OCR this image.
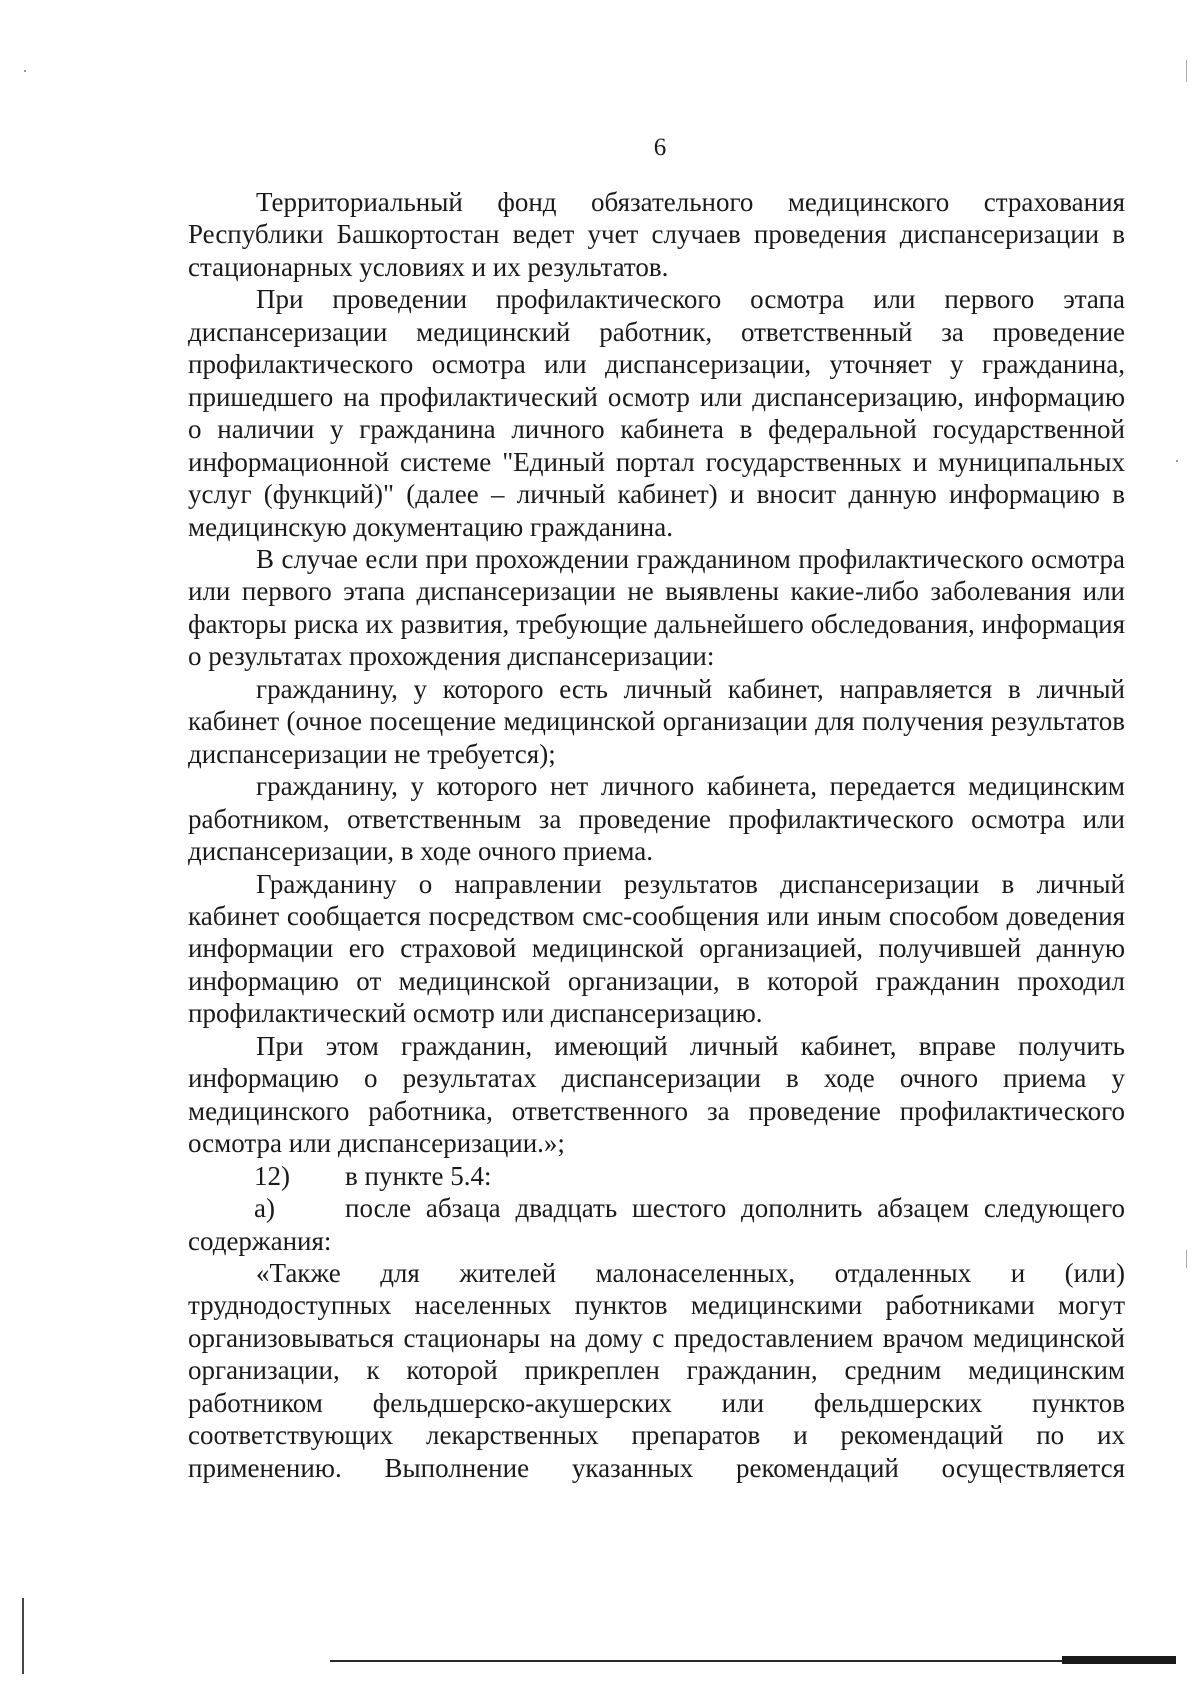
6

Территориальный фонд обязательного медицинского страхования Республики Башкортостан ведет учет случаев проведения диспансеризации в стационарных условиях и их результатов.

При проведении профилактического осмотра или первого этапа диспансеризации медицинский работник, ответственный за проведение профилактического осмотра или диспансеризации, уточняет у гражданина, пришедшего на профилактический осмотр или диспансеризацию, информацию о наличии у гражданина личного кабинета в федеральной государственной информационной системе "Единый портал государственных и муниципальных услуг (функций)" (далее – личный кабинет) и вносит данную информацию в медицинскую документацию гражданина.

В случае если при прохождении гражданином профилактического осмотра или первого этапа диспансеризации не выявлены какие-либо заболевания или факторы риска их развития, требующие дальнейшего обследования, информация о результатах прохождения диспансеризации:

гражданину, у которого есть личный кабинет, направляется в личный кабинет (очное посещение медицинской организации для получения результатов диспансеризации не требуется);

гражданину, у которого нет личного кабинета, передается медицинским работником, ответственным за проведение профилактического осмотра или диспансеризации, в ходе очного приема.

Гражданину о направлении результатов диспансеризации в личный кабинет сообщается посредством смс-сообщения или иным способом доведения информации его страховой медицинской организацией, получившей данную информацию от медицинской организации, в которой гражданин проходил профилактический осмотр или диспансеризацию.

При этом гражданин, имеющий личный кабинет, вправе получить информацию о результатах диспансеризации в ходе очного приема у медицинского работника, ответственного за проведение профилактического осмотра или диспансеризации.»;

12) в пункте 5.4:

а)	после абзаца двадцать шестого дополнить абзацем следующего содержания:

«Также для жителей малонаселенных, отдаленных и (или) труднодоступных населенных пунктов медицинскими работниками могут организовываться стационары на дому с предоставлением врачом медицинской организации, к которой прикреплен гражданин, средним медицинским работником фельдшерско-акушерских или фельдшерских пунктов соответствующих лекарственных препаратов и рекомендаций по их применению. Выполнение указанных рекомендаций осуществляется
